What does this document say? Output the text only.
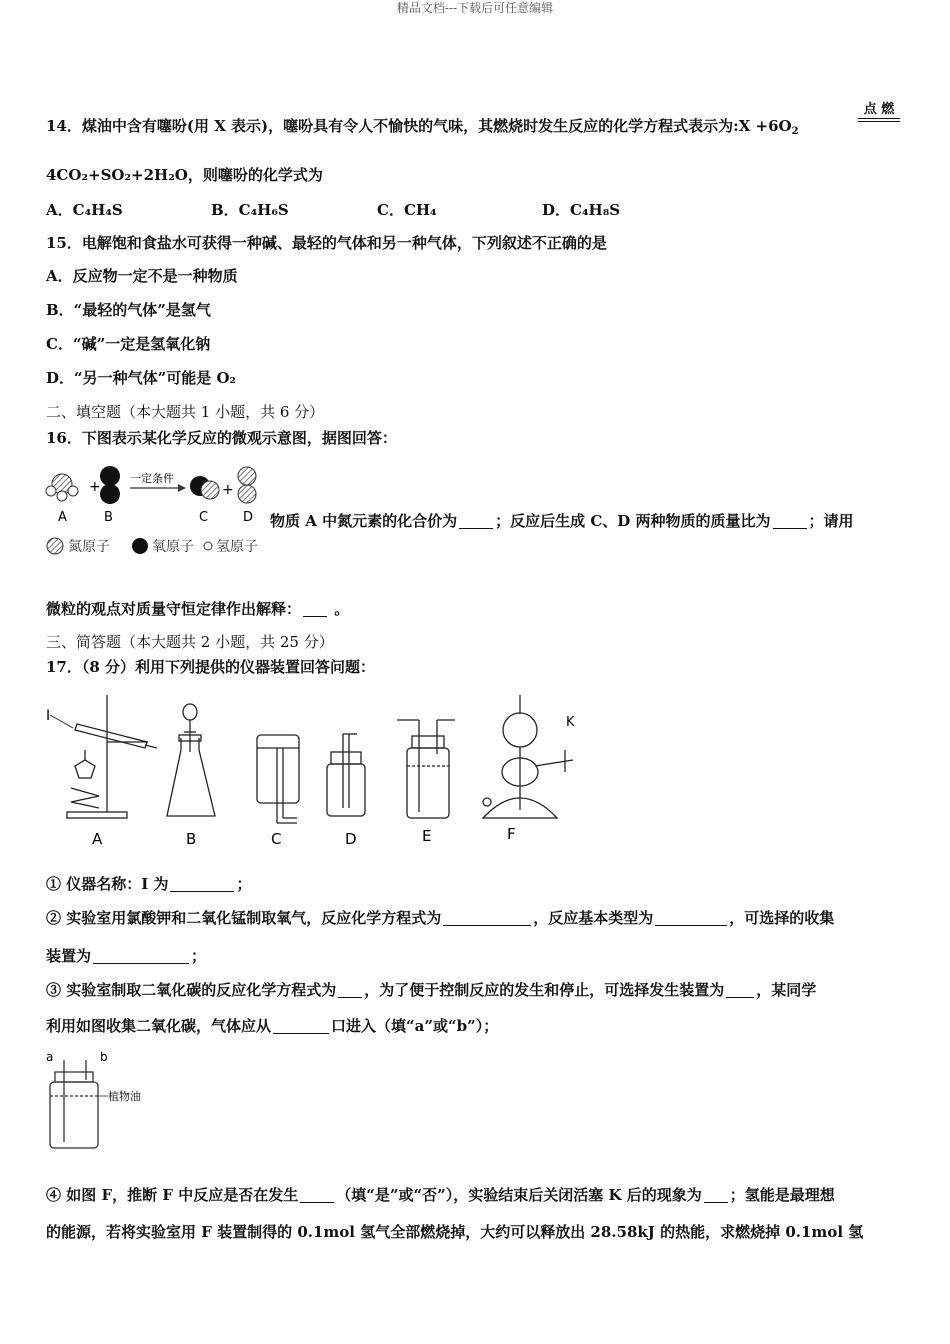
精品文档---下载后可任意编辑
14．煤油中含有噻吩(用 X 表示)，噻吩具有令人不愉快的气味，其燃烧时发生反应的化学方程式表示为:X $+6O_2$
点 燃
4CO₂+SO₂+2H₂O，则噻吩的化学式为
A．C₄H₄S	B．C₄H₆S	C．CH₄	D．C₄H₈S
15．电解饱和食盐水可获得一种碱、最轻的气体和另一种气体，下列叙述不正确的是
A．反应物一定不是一种物质
B．“最轻的气体”是氢气
C．“碱”一定是氢氧化钠
D．“另一种气体”可能是 O₂
二、填空题（本大题共 1 小题，共 6 分）
16．下图表示某化学反应的微观示意图，据图回答：
+
一定条件
+
A	B	C	D
氮原子	氧原子 氢原子
物质 A 中氮元素的化合价为	；反应后生成 C、D 两种物质的质量比为	；请用
微粒的观点对质量守恒定律作出解释： 。
三、简答题（本大题共 2 小题，共 25 分）
17．（8 分）利用下列提供的仪器装置回答问题：
I	K
A	B	C	D	E	F
① 仪器名称：I 为	；
② 实验室用氯酸钾和二氧化锰制取氧气，反应化学方程式为	，反应基本类型为	，可选择的收集
装置为	；
③ 实验室制取二氧化碳的反应化学方程式为 ，为了便于控制反应的发生和停止，可选择发生装置为 ，某同学
利用如图收集二氧化碳，气体应从	口进入（填“a”或“b”）；
a	b
植物油
④ 如图 F，推断 F 中反应是否在发生	（填“是”或“否”），实验结束后关闭活塞 K 后的现象为 ；氢能是最理想
的能源，若将实验室用 F 装置制得的 0.1mol 氢气全部燃烧掉，大约可以释放出 28.58kJ 的热能，求燃烧掉 0.1mol 氢
